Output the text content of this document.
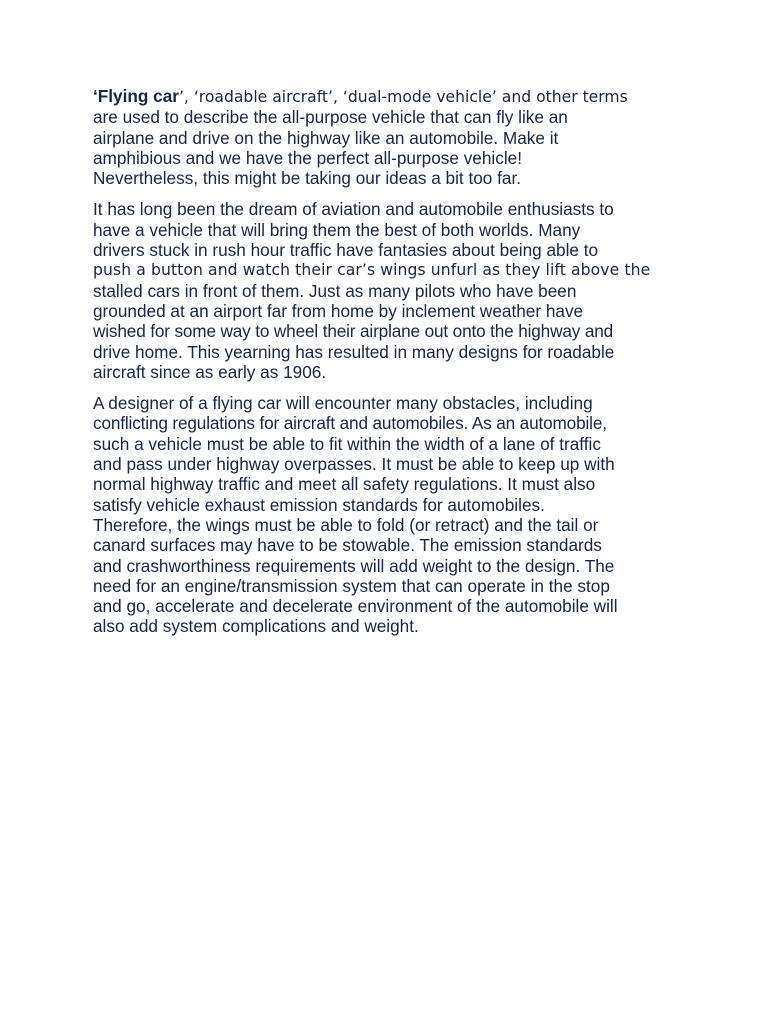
‘Flying car’, ‘roadable aircraft’, ‘dual-mode vehicle’ and other terms
are used to describe the all-purpose vehicle that can fly like an
airplane and drive on the highway like an automobile. Make it
amphibious and we have the perfect all-purpose vehicle!
Nevertheless, this might be taking our ideas a bit too far.
It has long been the dream of aviation and automobile enthusiasts to
have a vehicle that will bring them the best of both worlds. Many
drivers stuck in rush hour traffic have fantasies about being able to
push a button and watch their car’s wings unfurl as they lift above the
stalled cars in front of them. Just as many pilots who have been
grounded at an airport far from home by inclement weather have
wished for some way to wheel their airplane out onto the highway and
drive home. This yearning has resulted in many designs for roadable
aircraft since as early as 1906.
A designer of a flying car will encounter many obstacles, including
conflicting regulations for aircraft and automobiles. As an automobile,
such a vehicle must be able to fit within the width of a lane of traffic
and pass under highway overpasses. It must be able to keep up with
normal highway traffic and meet all safety regulations. It must also
satisfy vehicle exhaust emission standards for automobiles.
Therefore, the wings must be able to fold (or retract) and the tail or
canard surfaces may have to be stowable. The emission standards
and crashworthiness requirements will add weight to the design. The
need for an engine/transmission system that can operate in the stop
and go, accelerate and decelerate environment of the automobile will
also add system complications and weight.
